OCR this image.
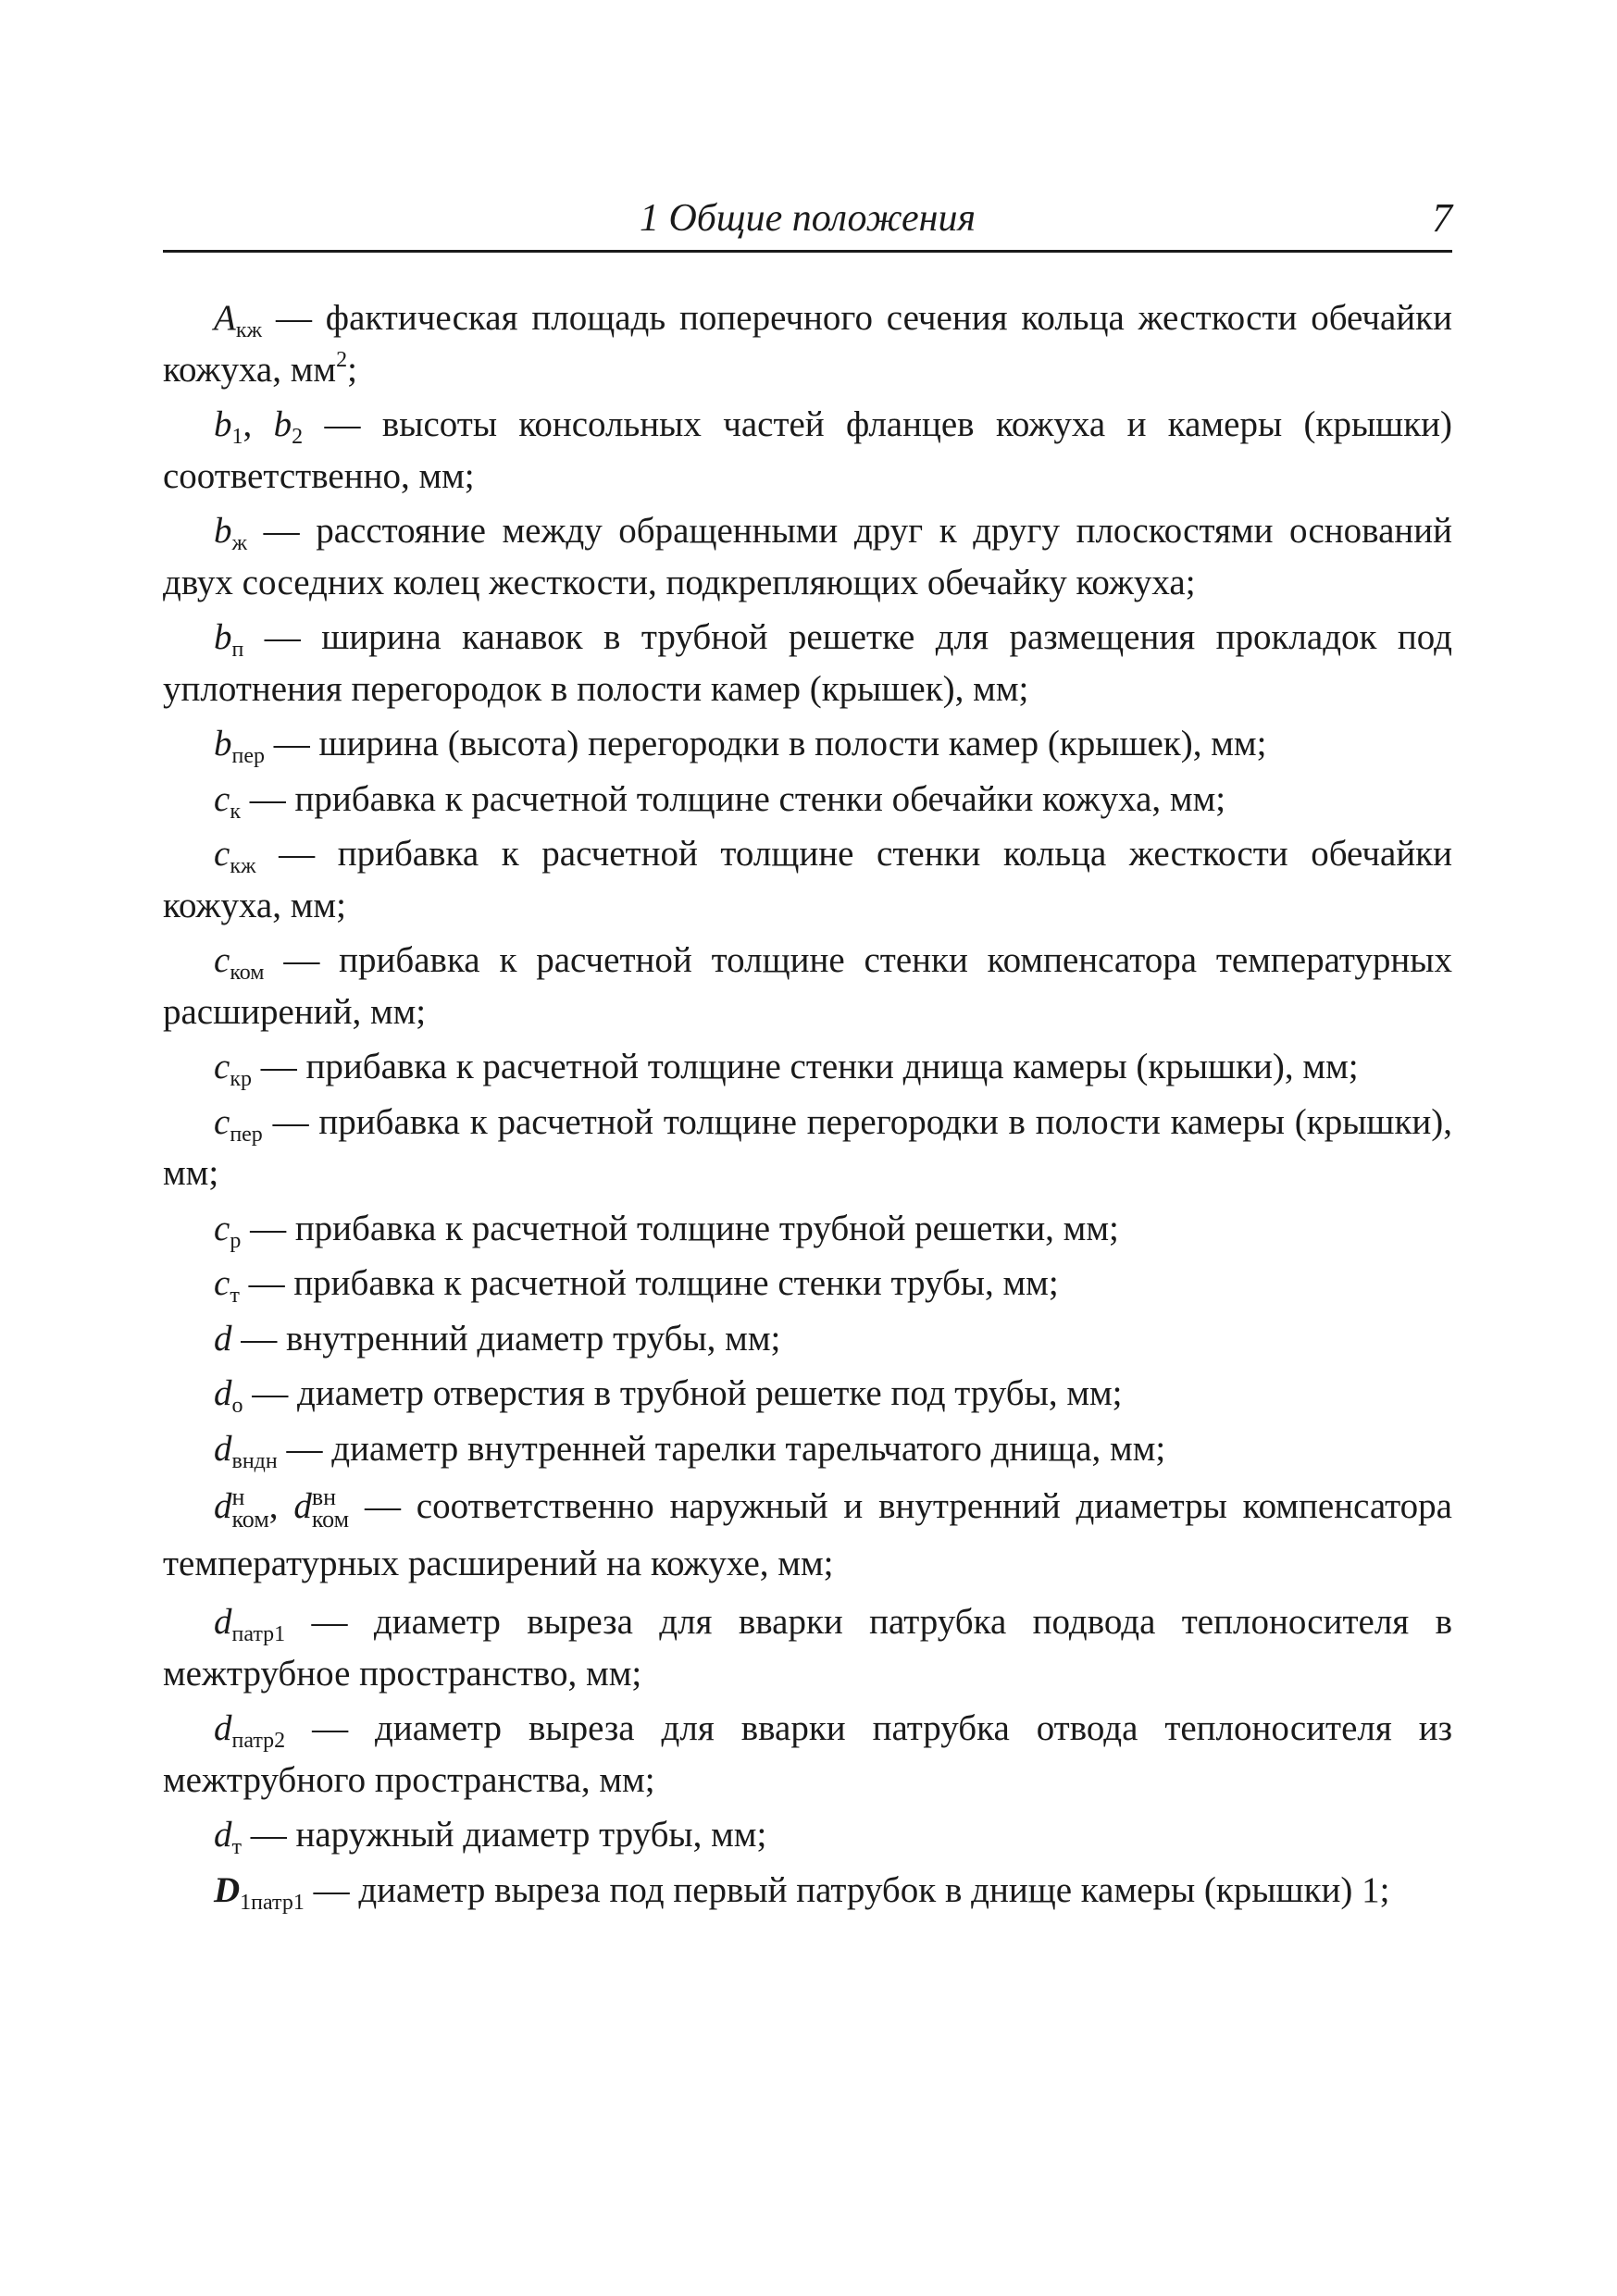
1 Общие положения	7

$A_{кж}$ — фактическая площадь поперечного сечения кольца жесткости обечайки кожуха, $мм^2$;

$b_1$, $b_2$ — высоты консольных частей фланцев кожуха и камеры (крышки) соответственно, мм;

$b_ж$ — расстояние между обращенными друг к другу плоскостями оснований двух соседних колец жесткости, подкрепляющих обечайку кожуха;

$b_п$ — ширина канавок в трубной решетке для размещения прокладок под уплотнения перегородок в полости камер (крышек), мм;

$b_{пер}$ — ширина (высота) перегородки в полости камер (крышек), мм;

$c_к$ — прибавка к расчетной толщине стенки обечайки кожуха, мм;

$c_{кж}$ — прибавка к расчетной толщине стенки кольца жесткости обечайки кожуха, мм;

$c_{ком}$ — прибавка к расчетной толщине стенки компенсатора температурных расширений, мм;

$c_{кр}$ — прибавка к расчетной толщине стенки днища камеры (крышки), мм;

$c_{пер}$ — прибавка к расчетной толщине перегородки в полости камеры (крышки), мм;

$c_р$ — прибавка к расчетной толщине трубной решетки, мм;

$c_т$ — прибавка к расчетной толщине стенки трубы, мм;

d — внутренний диаметр трубы, мм;

$d_о$ — диаметр отверстия в трубной решетке под трубы, мм;

$d_{вндн}$ — диаметр внутренней тарелки тарельчатого днища, мм;

d н
ком , d вн
ком — соответственно наружный и внутренний диаметры компенсатора температурных расширений на кожухе, мм;

$d_{патр1}$ — диаметр выреза для вварки патрубка подвода теплоносителя в межтрубное пространство, мм;

$d_{патр2}$ — диаметр выреза для вварки патрубка отвода теплоносителя из межтрубного пространства, мм;

$d_т$ — наружный диаметр трубы, мм;

$D_{1патр1}$ — диаметр выреза под первый патрубок в днище камеры (крышки) 1;
